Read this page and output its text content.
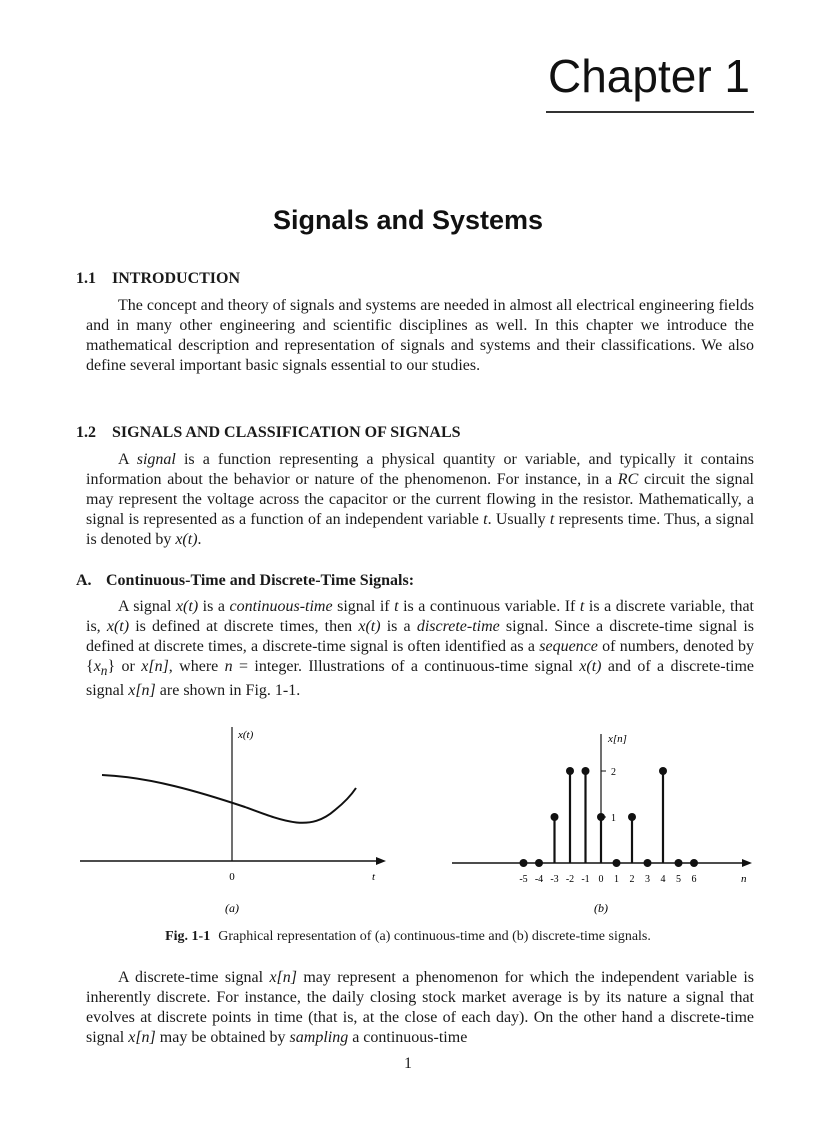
Chapter 1
Signals and Systems
1.1 INTRODUCTION
The concept and theory of signals and systems are needed in almost all electrical engineering fields and in many other engineering and scientific disciplines as well. In this chapter we introduce the mathematical description and representation of signals and systems and their classifications. We also define several important basic signals essential to our studies.
1.2 SIGNALS AND CLASSIFICATION OF SIGNALS
A signal is a function representing a physical quantity or variable, and typically it contains information about the behavior or nature of the phenomenon. For instance, in a RC circuit the signal may represent the voltage across the capacitor or the current flowing in the resistor. Mathematically, a signal is represented as a function of an independent variable t. Usually t represents time. Thus, a signal is denoted by x(t).
A. Continuous-Time and Discrete-Time Signals:
A signal x(t) is a continuous-time signal if t is a continuous variable. If t is a discrete variable, that is, x(t) is defined at discrete times, then x(t) is a discrete-time signal. Since a discrete-time signal is defined at discrete times, a discrete-time signal is often identified as a sequence of numbers, denoted by $\{x_n\}$ or x[n], where n = integer. Illustrations of a continuous-time signal x(t) and of a discrete-time signal x[n] are shown in Fig. 1-1.
x(t)
0	t
(a)
x[n]
n
(b)
1
2
-5 -4 -3 -2 -1 0 1 2 3 4 5 6
Fig. 1-1 Graphical representation of (a) continuous-time and (b) discrete-time signals.
A discrete-time signal x[n] may represent a phenomenon for which the independent variable is inherently discrete. For instance, the daily closing stock market average is by its nature a signal that evolves at discrete points in time (that is, at the close of each day). On the other hand a discrete-time signal x[n] may be obtained by sampling a continuous-time
1
